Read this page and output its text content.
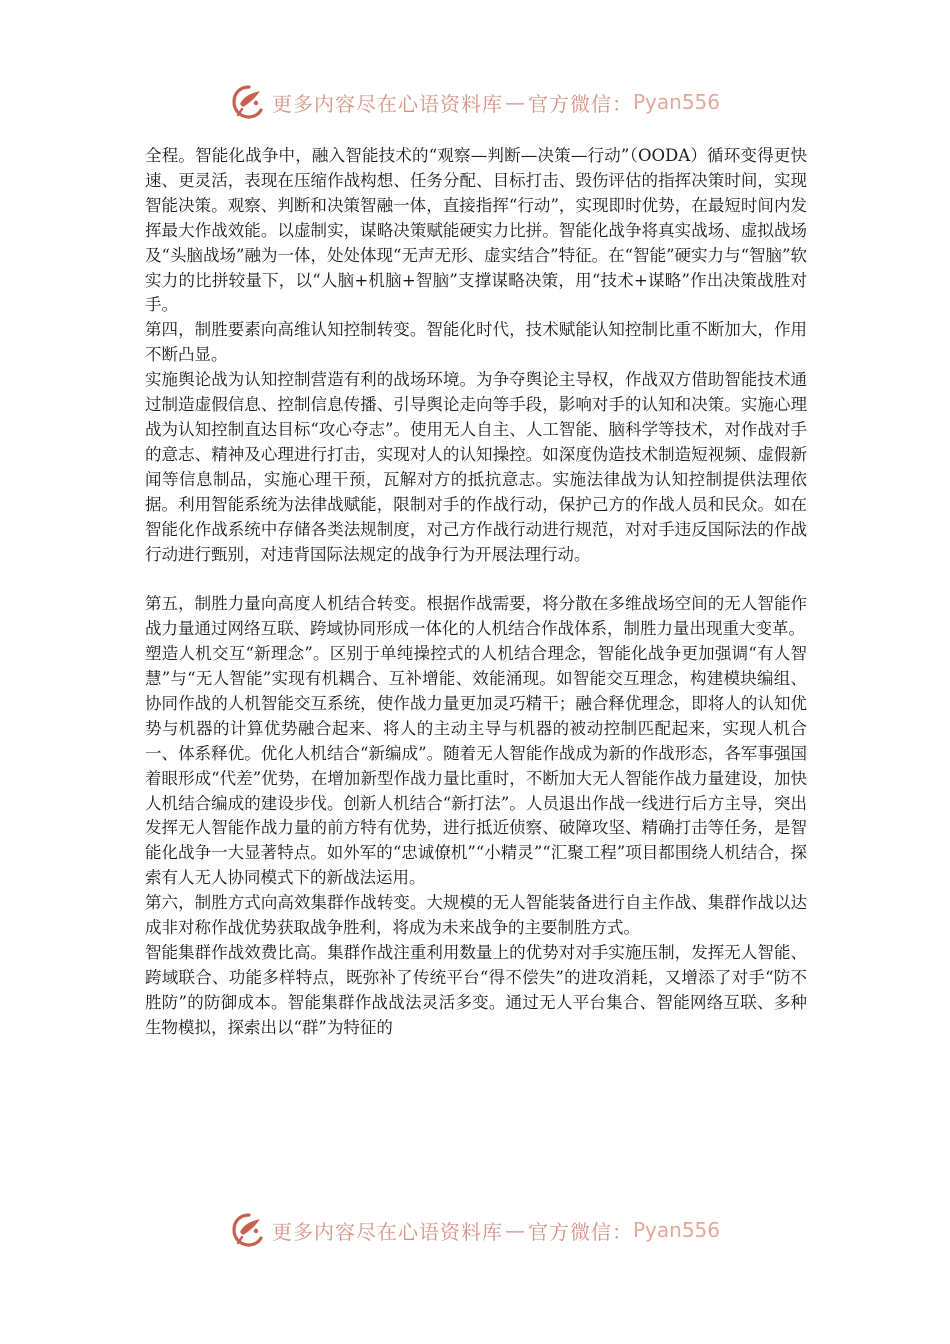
更多内容尽在心语资料库 — 官方微信： Pyan556

全程。智能化战争中，融入智能技术的“观察—判断—决策—行动”（OODA）循环变得更快速、更灵活，表现在压缩作战构想、任务分配、目标打击、毁伤评估的指挥决策时间，实现智能决策。观察、判断和决策智融一体，直接指挥“行动”，实现即时优势，在最短时间内发挥最大作战效能。以虚制实，谋略决策赋能硬实力比拼。智能化战争将真实战场、虚拟战场及“头脑战场”融为一体，处处体现“无声无形、虚实结合”特征。在“智能”硬实力与“智脑”软实力的比拼较量下，以“人脑+机脑+智脑”支撑谋略决策，用“技术+谋略”作出决策战胜对手。

第四，制胜要素向高维认知控制转变。智能化时代，技术赋能认知控制比重不断加大，作用不断凸显。

实施舆论战为认知控制营造有利的战场环境。为争夺舆论主导权，作战双方借助智能技术通过制造虚假信息、控制信息传播、引导舆论走向等手段，影响对手的认知和决策。实施心理战为认知控制直达目标“攻心夺志”。使用无人自主、人工智能、脑科学等技术，对作战对手的意志、精神及心理进行打击，实现对人的认知操控。如深度伪造技术制造短视频、虚假新闻等信息制品，实施心理干预，瓦解对方的抵抗意志。实施法律战为认知控制提供法理依据。利用智能系统为法律战赋能，限制对手的作战行动，保护己方的作战人员和民众。如在智能化作战系统中存储各类法规制度，对己方作战行动进行规范，对对手违反国际法的作战行动进行甄别，对违背国际法规定的战争行为开展法理行动。

第五，制胜力量向高度人机结合转变。根据作战需要，将分散在多维战场空间的无人智能作战力量通过网络互联、跨域协同形成一体化的人机结合作战体系，制胜力量出现重大变革。

塑造人机交互“新理念”。区别于单纯操控式的人机结合理念，智能化战争更加强调“有人智慧”与“无人智能”实现有机耦合、互补增能、效能涌现。如智能交互理念，构建模块编组、协同作战的人机智能交互系统，使作战力量更加灵巧精干；融合释优理念，即将人的认知优势与机器的计算优势融合起来、将人的主动主导与机器的被动控制匹配起来，实现人机合一、体系释优。优化人机结合“新编成”。随着无人智能作战成为新的作战形态，各军事强国着眼形成“代差”优势，在增加新型作战力量比重时，不断加大无人智能作战力量建设，加快人机结合编成的建设步伐。创新人机结合“新打法”。人员退出作战一线进行后方主导，突出发挥无人智能作战力量的前方特有优势，进行抵近侦察、破障攻坚、精确打击等任务，是智能化战争一大显著特点。如外军的“忠诚僚机”“小精灵”“汇聚工程”项目都围绕人机结合，探索有人无人协同模式下的新战法运用。

第六，制胜方式向高效集群作战转变。大规模的无人智能装备进行自主作战、集群作战以达成非对称作战优势获取战争胜利，将成为未来战争的主要制胜方式。

智能集群作战效费比高。集群作战注重利用数量上的优势对对手实施压制，发挥无人智能、跨域联合、功能多样特点，既弥补了传统平台“得不偿失”的进攻消耗，又增添了对手“防不胜防”的防御成本。智能集群作战战法灵活多变。通过无人平台集合、智能网络互联、多种生物模拟，探索出以“群”为特征的

更多内容尽在心语资料库 — 官方微信： Pyan556
